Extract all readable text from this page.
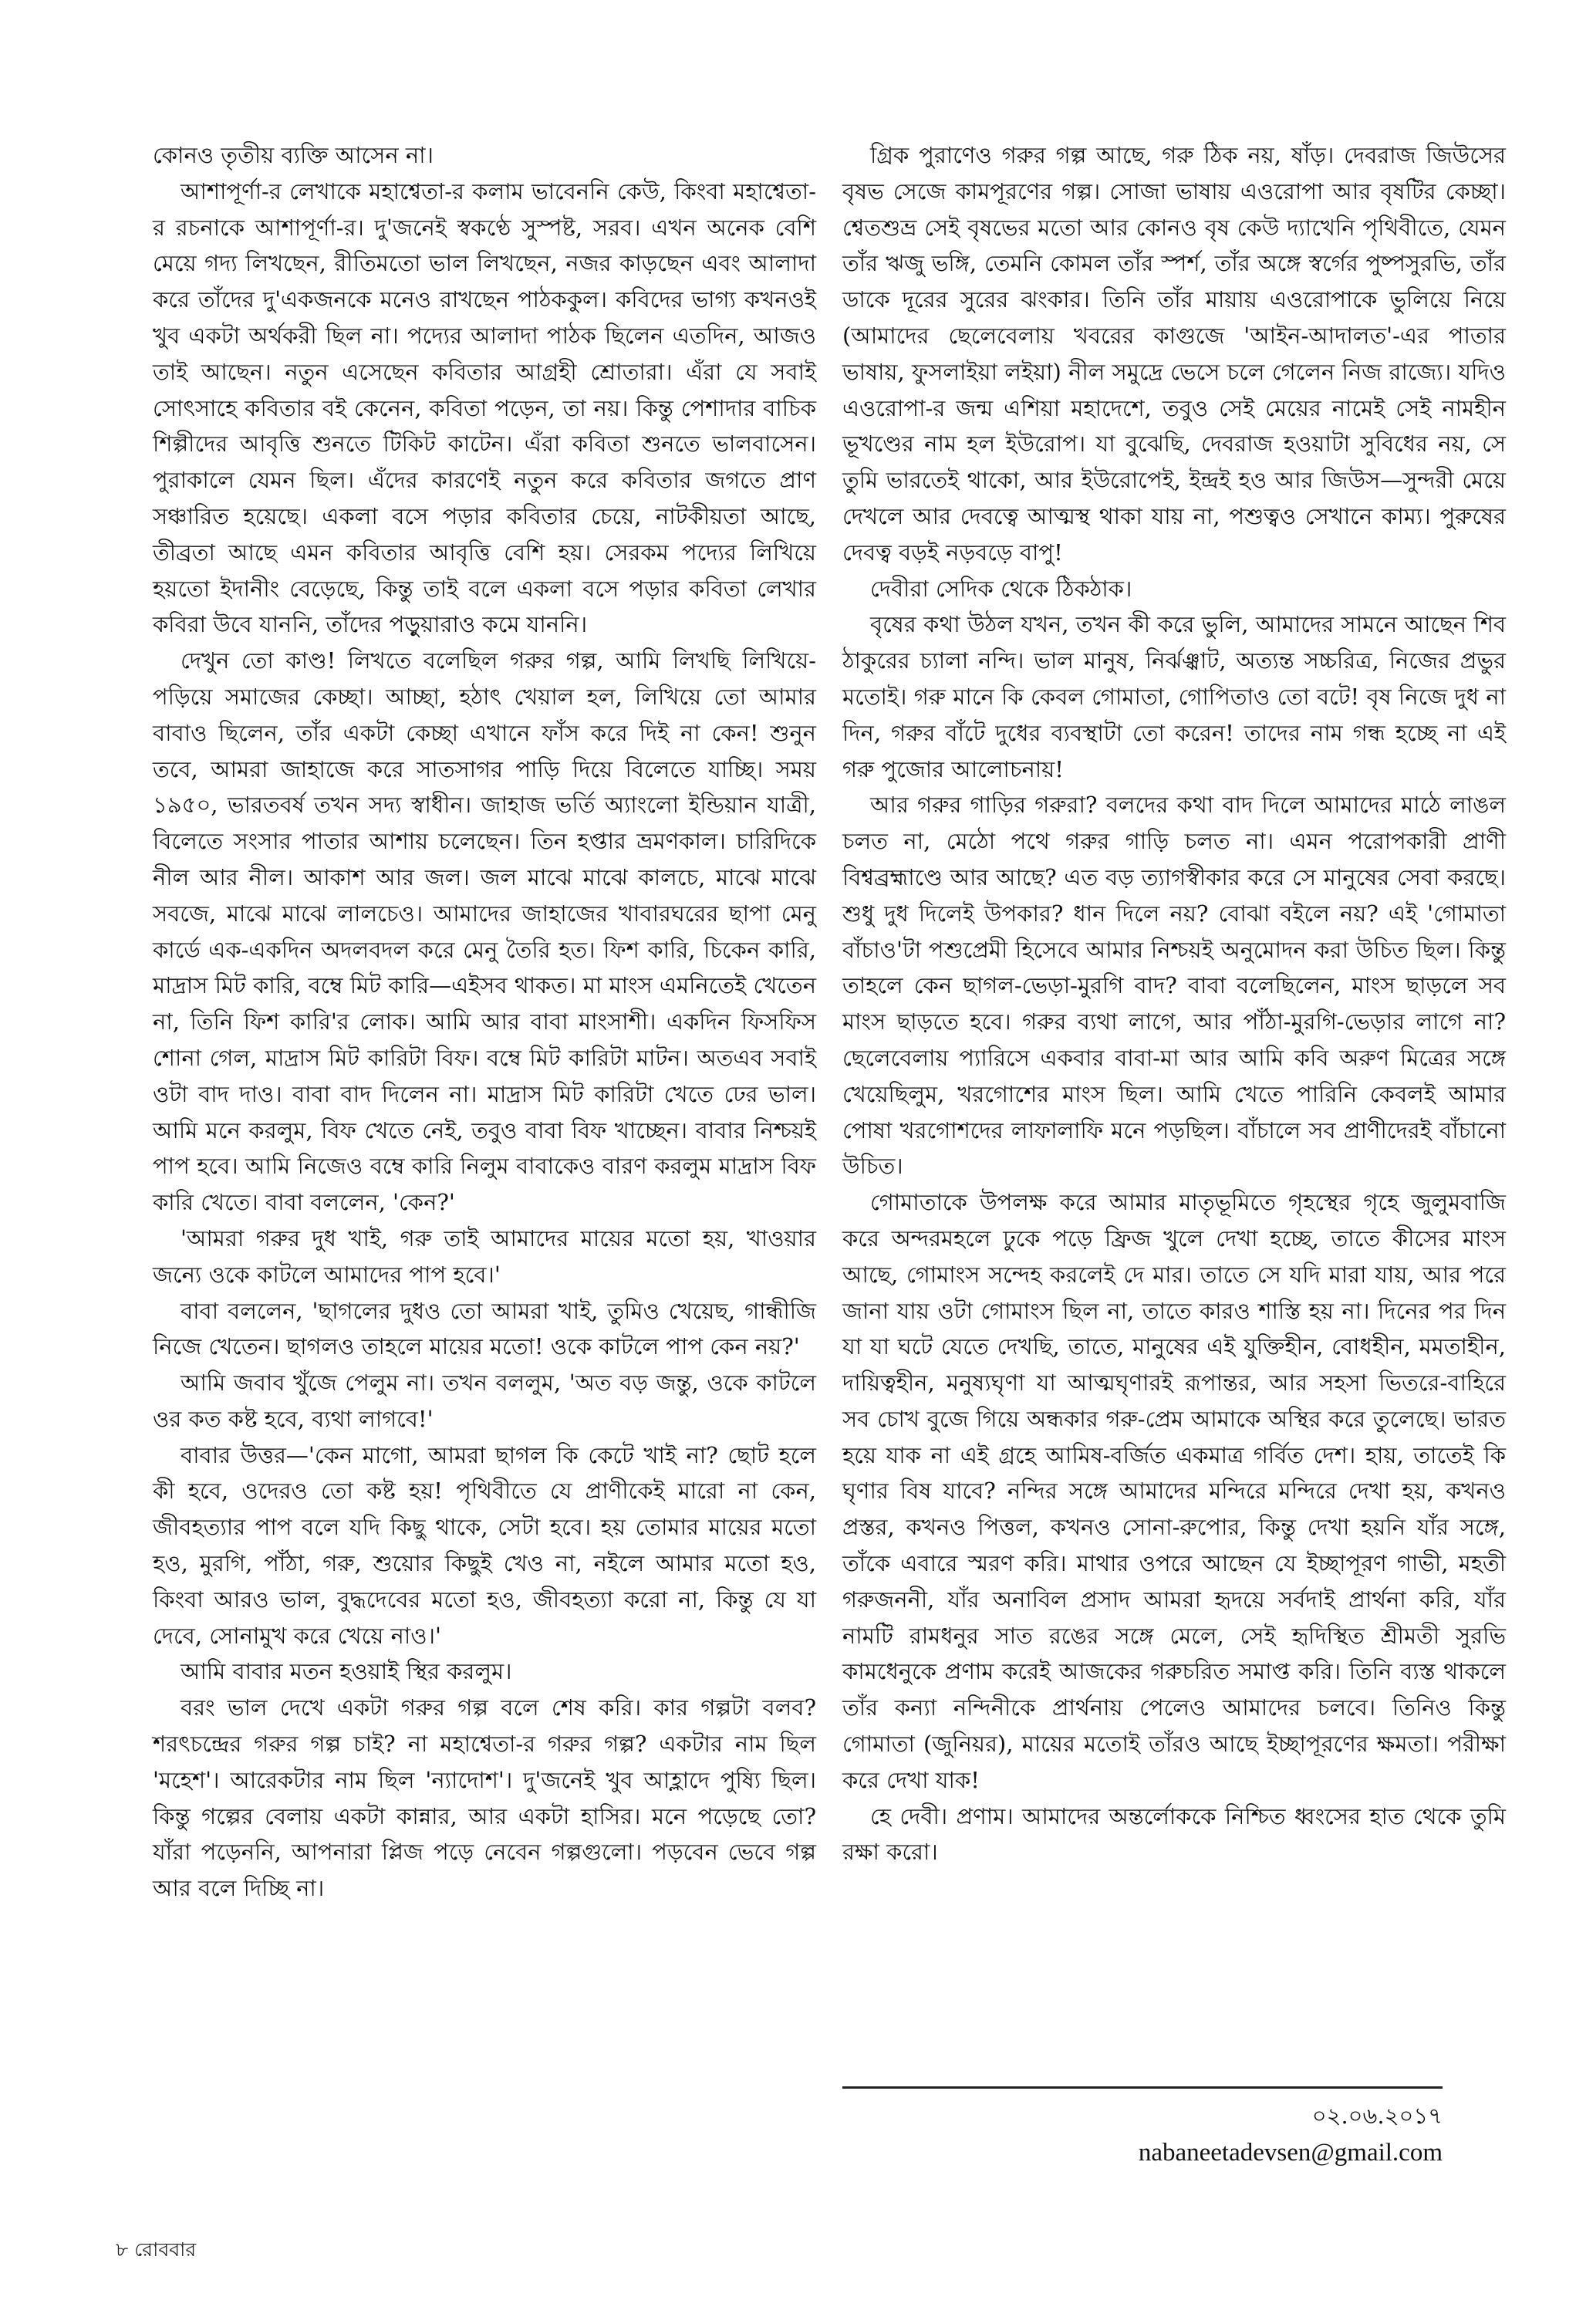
কোনও তৃতীয় ব্যক্তি আসেন না।

আশাপূর্ণা-র লেখাকে মহাশ্বেতা-র কলাম ভাবেননি কেউ, কিংবা মহাশ্বেতা-র রচনাকে আশাপূর্ণা-র। দু'জনেই স্বকণ্ঠে সুস্পষ্ট, সরব। এখন অনেক বেশি মেয়ে গদ্য লিখছেন, রীতিমতো ভাল লিখছেন, নজর কাড়ছেন এবং আলাদা করে তাঁদের দু'একজনকে মনেও রাখছেন পাঠককুল। কবিদের ভাগ্য কখনওই খুব একটা অর্থকরী ছিল না। পদ্যের আলাদা পাঠক ছিলেন এতদিন, আজও তাই আছেন। নতুন এসেছেন কবিতার আগ্রহী শ্রোতারা। এঁরা যে সবাই সোৎসাহে কবিতার বই কেনেন, কবিতা পড়েন, তা নয়। কিন্তু পেশাদার বাচিক শিল্পীদের আবৃত্তি শুনতে টিকিট কাটেন। এঁরা কবিতা শুনতে ভালবাসেন। পুরাকালে যেমন ছিল। এঁদের কারণেই নতুন করে কবিতার জগতে প্রাণ সঞ্চারিত হয়েছে। একলা বসে পড়ার কবিতার চেয়ে, নাটকীয়তা আছে, তীব্রতা আছে এমন কবিতার আবৃত্তি বেশি হয়। সেরকম পদ্যের লিখিয়ে হয়তো ইদানীং বেড়েছে, কিন্তু তাই বলে একলা বসে পড়ার কবিতা লেখার কবিরা উবে যাননি, তাঁদের পড়ুয়ারাও কমে যাননি।

দেখুন তো কাণ্ড! লিখতে বলেছিল গরুর গল্প, আমি লিখছি লিখিয়ে-পড়িয়ে সমাজের কেচ্ছা। আচ্ছা, হঠাৎ খেয়াল হল, লিখিয়ে তো আমার বাবাও ছিলেন, তাঁর একটা কেচ্ছা এখানে ফাঁস করে দিই না কেন! শুনুন তবে, আমরা জাহাজে করে সাতসাগর পাড়ি দিয়ে বিলেতে যাচ্ছি। সময় ১৯৫০, ভারতবর্ষ তখন সদ্য স্বাধীন। জাহাজ ভর্তি অ্যাংলো ইন্ডিয়ান যাত্রী, বিলেতে সংসার পাতার আশায় চলেছেন। তিন হপ্তার ভ্রমণকাল। চারিদিকে নীল আর নীল। আকাশ আর জল। জল মাঝে মাঝে কালচে, মাঝে মাঝে সবজে, মাঝে মাঝে লালচেও। আমাদের জাহাজের খাবারঘরের ছাপা মেনু কার্ডে এক-একদিন অদলবদল করে মেনু তৈরি হত। ফিশ কারি, চিকেন কারি, মাদ্রাস মিট কারি, বম্বে মিট কারি—এইসব থাকত। মা মাংস এমনিতেই খেতেন না, তিনি ফিশ কারি'র লোক। আমি আর বাবা মাংসাশী। একদিন ফিসফিস শোনা গেল, মাদ্রাস মিট কারিটা বিফ। বম্বে মিট কারিটা মাটন। অতএব সবাই ওটা বাদ দাও। বাবা বাদ দিলেন না। মাদ্রাস মিট কারিটা খেতে ঢের ভাল। আমি মনে করলুম, বিফ খেতে নেই, তবুও বাবা বিফ খাচ্ছেন। বাবার নিশ্চয়ই পাপ হবে। আমি নিজেও বম্বে কারি নিলুম বাবাকেও বারণ করলুম মাদ্রাস বিফ কারি খেতে। বাবা বললেন, 'কেন?'

'আমরা গরুর দুধ খাই, গরু তাই আমাদের মায়ের মতো হয়, খাওয়ার জন্যে ওকে কাটলে আমাদের পাপ হবে।'

বাবা বললেন, 'ছাগলের দুধও তো আমরা খাই, তুমিও খেয়েছ, গান্ধীজি নিজে খেতেন। ছাগলও তাহলে মায়ের মতো! ওকে কাটলে পাপ কেন নয়?'

আমি জবাব খুঁজে পেলুম না। তখন বললুম, 'অত বড় জন্তু, ওকে কাটলে ওর কত কষ্ট হবে, ব্যথা লাগবে!'

বাবার উত্তর—'কেন মাগো, আমরা ছাগল কি কেটে খাই না? ছোট হলে কী হবে, ওদেরও তো কষ্ট হয়! পৃথিবীতে যে প্রাণীকেই মারো না কেন, জীবহত্যার পাপ বলে যদি কিছু থাকে, সেটা হবে। হয় তোমার মায়ের মতো হও, মুরগি, পাঁঠা, গরু, শুয়োর কিছুই খেও না, নইলে আমার মতো হও, কিংবা আরও ভাল, বুদ্ধদেবের মতো হও, জীবহত্যা করো না, কিন্তু যে যা দেবে, সোনামুখ করে খেয়ে নাও।'

আমি বাবার মতন হওয়াই স্থির করলুম।

বরং ভাল দেখে একটা গরুর গল্প বলে শেষ করি। কার গল্পটা বলব? শরৎচন্দ্রের গরুর গল্প চাই? না মহাশ্বেতা-র গরুর গল্প? একটার নাম ছিল 'মহেশ'। আরেকটার নাম ছিল 'ন্যাদোশ'। দু'জনেই খুব আহ্লাদে পুষ্যি ছিল। কিন্তু গল্পের বেলায় একটা কান্নার, আর একটা হাসির। মনে পড়েছে তো? যাঁরা পড়েননি, আপনারা প্লিজ পড়ে নেবেন গল্পগুলো। পড়বেন ভেবে গল্প আর বলে দিচ্ছি না।

গ্রিক পুরাণেও গরুর গল্প আছে, গরু ঠিক নয়, ষাঁড়। দেবরাজ জিউসের বৃষভ সেজে কামপূরণের গল্প। সোজা ভাষায় এওরোপা আর বৃষটির কেচ্ছা। শ্বেতশুভ্র সেই বৃষভের মতো আর কোনও বৃষ কেউ দ্যাখেনি পৃথিবীতে, যেমন তাঁর ঋজু ভঙ্গি, তেমনি কোমল তাঁর স্পর্শ, তাঁর অঙ্গে স্বর্গের পুষ্পসুরভি, তাঁর ডাকে দূরের সুরের ঝংকার। তিনি তাঁর মায়ায় এওরোপাকে ভুলিয়ে নিয়ে (আমাদের ছেলেবেলায় খবরের কাগুজে 'আইন-আদালত'-এর পাতার ভাষায়, ফুসলাইয়া লইয়া) নীল সমুদ্রে ভেসে চলে গেলেন নিজ রাজ্যে। যদিও এওরোপা-র জন্ম এশিয়া মহাদেশে, তবুও সেই মেয়ের নামেই সেই নামহীন ভূখণ্ডের নাম হল ইউরোপ। যা বুঝেছি, দেবরাজ হওয়াটা সুবিধের নয়, সে তুমি ভারতেই থাকো, আর ইউরোপেই, ইন্দ্রই হও আর জিউস—সুন্দরী মেয়ে দেখলে আর দেবত্বে আত্মস্থ থাকা যায় না, পশুত্বও সেখানে কাম্য। পুরুষের দেবত্ব বড়ই নড়বড়ে বাপু!

দেবীরা সেদিক থেকে ঠিকঠাক।

বৃষের কথা উঠল যখন, তখন কী করে ভুলি, আমাদের সামনে আছেন শিব ঠাকুরের চ্যালা নন্দি। ভাল মানুষ, নির্ঝঞ্ঝাট, অত্যন্ত সচ্চরিত্র, নিজের প্রভুর মতোই। গরু মানে কি কেবল গোমাতা, গোপিতাও তো বটে! বৃষ নিজে দুধ না দিন, গরুর বাঁটে দুধের ব্যবস্থাটা তো করেন! তাদের নাম গন্ধ হচ্ছে না এই গরু পুজোর আলোচনায়!

আর গরুর গাড়ির গরুরা? বলদের কথা বাদ দিলে আমাদের মাঠে লাঙল চলত না, মেঠো পথে গরুর গাড়ি চলত না। এমন পরোপকারী প্রাণী বিশ্বব্রহ্মাণ্ডে আর আছে? এত বড় ত্যাগস্বীকার করে সে মানুষের সেবা করছে। শুধু দুধ দিলেই উপকার? ধান দিলে নয়? বোঝা বইলে নয়? এই 'গোমাতা বাঁচাও'টা পশুপ্রেমী হিসেবে আমার নিশ্চয়ই অনুমোদন করা উচিত ছিল। কিন্তু তাহলে কেন ছাগল-ভেড়া-মুরগি বাদ? বাবা বলেছিলেন, মাংস ছাড়লে সব মাংস ছাড়তে হবে। গরুর ব্যথা লাগে, আর পাঁঠা-মুরগি-ভেড়ার লাগে না? ছেলেবেলায় প্যারিসে একবার বাবা-মা আর আমি কবি অরুণ মিত্রের সঙ্গে খেয়েছিলুম, খরগোশের মাংস ছিল। আমি খেতে পারিনি কেবলই আমার পোষা খরগোশদের লাফালাফি মনে পড়ছিল। বাঁচালে সব প্রাণীদেরই বাঁচানো উচিত।

গোমাতাকে উপলক্ষ করে আমার মাতৃভূমিতে গৃহস্থের গৃহে জুলুমবাজি করে অন্দরমহলে ঢুকে পড়ে ফ্রিজ খুলে দেখা হচ্ছে, তাতে কীসের মাংস আছে, গোমাংস সন্দেহ করলেই দে মার। তাতে সে যদি মারা যায়, আর পরে জানা যায় ওটা গোমাংস ছিল না, তাতে কারও শাস্তি হয় না। দিনের পর দিন যা যা ঘটে যেতে দেখছি, তাতে, মানুষের এই যুক্তিহীন, বোধহীন, মমতাহীন, দায়িত্বহীন, মনুষ্যঘৃণা যা আত্মঘৃণারই রূপান্তর, আর সহসা ভিতরে-বাহিরে সব চোখ বুজে গিয়ে অন্ধকার গরু-প্রেম আমাকে অস্থির করে তুলেছে। ভারত হয়ে যাক না এই গ্রহে আমিষ-বর্জিত একমাত্র গর্বিত দেশ। হায়, তাতেই কি ঘৃণার বিষ যাবে? নন্দির সঙ্গে আমাদের মন্দিরে মন্দিরে দেখা হয়, কখনও প্রস্তর, কখনও পিত্তল, কখনও সোনা-রুপোর, কিন্তু দেখা হয়নি যাঁর সঙ্গে, তাঁকে এবারে স্মরণ করি। মাথার ওপরে আছেন যে ইচ্ছাপূরণ গাভী, মহতী গরুজননী, যাঁর অনাবিল প্রসাদ আমরা হৃদয়ে সর্বদাই প্রার্থনা করি, যাঁর নামটি রামধনুর সাত রঙের সঙ্গে মেলে, সেই হৃদিস্থিত শ্রীমতী সুরভি কামধেনুকে প্রণাম করেই আজকের গরুচরিত সমাপ্ত করি। তিনি ব্যস্ত থাকলে তাঁর কন্যা নন্দিনীকে প্রার্থনায় পেলেও আমাদের চলবে। তিনিও কিন্তু গোমাতা (জুনিয়র), মায়ের মতোই তাঁরও আছে ইচ্ছাপূরণের ক্ষমতা। পরীক্ষা করে দেখা যাক!

হে দেবী। প্রণাম। আমাদের অন্তর্লোককে নিশ্চিত ধ্বংসের হাত থেকে তুমি রক্ষা করো।

০২.০৬.২০১৭
nabaneetadevsen@gmail.com
৮ রোববার
